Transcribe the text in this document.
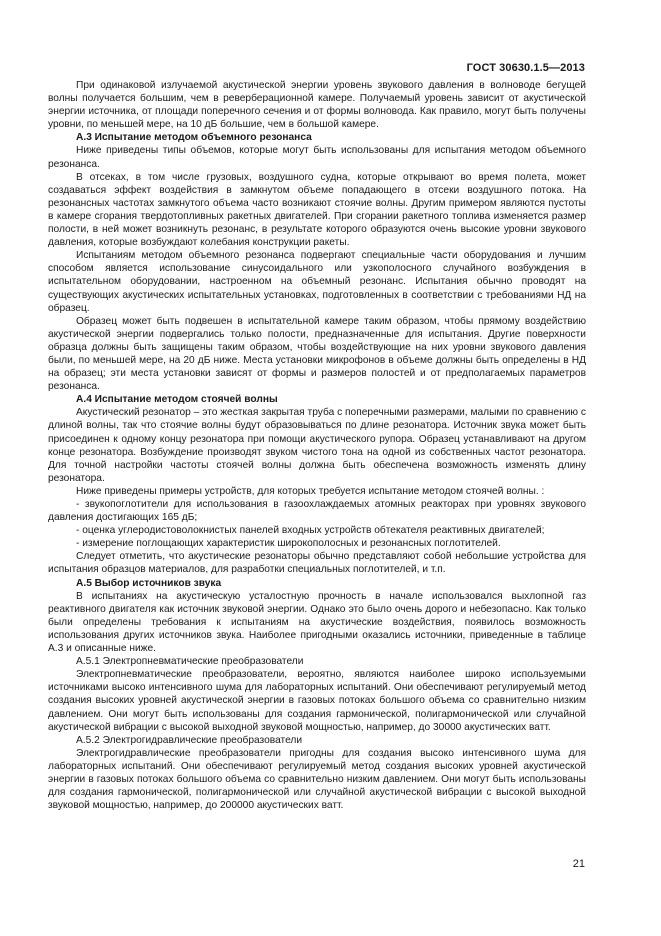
ГОСТ 30630.1.5—2013

При одинаковой излучаемой акустической энергии уровень звукового давления в волноводе бегущей волны получается большим, чем в реверберационной камере. Получаемый уровень зависит от акустической энергии источника, от площади поперечного сечения и от формы волновода. Как правило, могут быть получены уровни, по меньшей мере, на 10 дБ большие, чем в большой камере.

А.3 Испытание методом объемного резонанса

Ниже приведены типы объемов, которые могут быть использованы для испытания методом объемного резонанса.

В отсеках, в том числе грузовых, воздушного судна, которые открывают во время полета, может создаваться эффект воздействия в замкнутом объеме попадающего в отсеки воздушного потока. На резонансных частотах замкнутого объема часто возникают стоячие волны. Другим примером являются пустоты в камере сгорания твердотопливных ракетных двигателей. При сгорании ракетного топлива изменяется размер полости, в ней может возникнуть резонанс, в результате которого образуются очень высокие уровни звукового давления, которые возбуждают колебания конструкции ракеты.

Испытаниям методом объемного резонанса подвергают специальные части оборудования и лучшим способом является использование синусоидального или узкополосного случайного возбуждения в испытательном оборудовании, настроенном на объемный резонанс. Испытания обычно проводят на существующих акустических испытательных установках, подготовленных в соответствии с требованиями НД на образец.

Образец может быть подвешен в испытательной камере таким образом, чтобы прямому воздействию акустической энергии подвергались только полости, предназначенные для испытания. Другие поверхности образца должны быть защищены таким образом, чтобы воздействующие на них уровни звукового давления были, по меньшей мере, на 20 дБ ниже. Места установки микрофонов в объеме должны быть определены в НД на образец; эти места установки зависят от формы и размеров полостей и от предполагаемых параметров резонанса.

А.4 Испытание методом стоячей волны

Акустический резонатор – это жесткая закрытая труба с поперечными размерами, малыми по сравнению с длиной волны, так что стоячие волны будут образовываться по длине резонатора. Источник звука может быть присоединен к одному концу резонатора при помощи акустического рупора. Образец устанавливают на другом конце резонатора. Возбуждение производят звуком чистого тона на одной из собственных частот резонатора. Для точной настройки частоты стоячей волны должна быть обеспечена возможность изменять длину резонатора.

Ниже приведены примеры устройств, для которых требуется испытание методом стоячей волны. :

- звукопоглотители для использования в газоохлаждаемых атомных реакторах при уровнях звукового давления достигающих 165 дБ;

- оценка углеродистоволокнистых панелей входных устройств обтекателя реактивных двигателей;

- измерение поглощающих характеристик широкополосных и резонансных поглотителей.

Следует отметить, что акустические резонаторы обычно представляют собой небольшие устройства для испытания образцов материалов, для разработки специальных поглотителей, и т.п.

А.5 Выбор источников звука

В испытаниях на акустическую усталостную прочность в начале использовался выхлопной газ реактивного двигателя как источник звуковой энергии. Однако это было очень дорого и небезопасно. Как только были определены требования к испытаниям на акустические воздействия, появилось возможность использования других источников звука. Наиболее пригодными оказались источники, приведенные в таблице А.3 и описанные ниже.

А.5.1 Электропневматические преобразователи

Электропневматические преобразователи, вероятно, являются наиболее широко используемыми источниками высоко интенсивного шума для лабораторных испытаний. Они обеспечивают регулируемый метод создания высоких уровней акустической энергии в газовых потоках большого объема со сравнительно низким давлением. Они могут быть использованы для создания гармонической, полигармонической или случайной акустической вибрации с высокой выходной звуковой мощностью, например, до 30000 акустических ватт.

А.5.2 Электрогидравлические преобразователи

Электрогидравлические преобразователи пригодны для создания высоко интенсивного шума для лабораторных испытаний. Они обеспечивают регулируемый метод создания высоких уровней акустической энергии в газовых потоках большого объема со сравнительно низким давлением. Они могут быть использованы для создания гармонической, полигармонической или случайной акустической вибрации с высокой выходной звуковой мощностью, например, до 200000 акустических ватт.

21
